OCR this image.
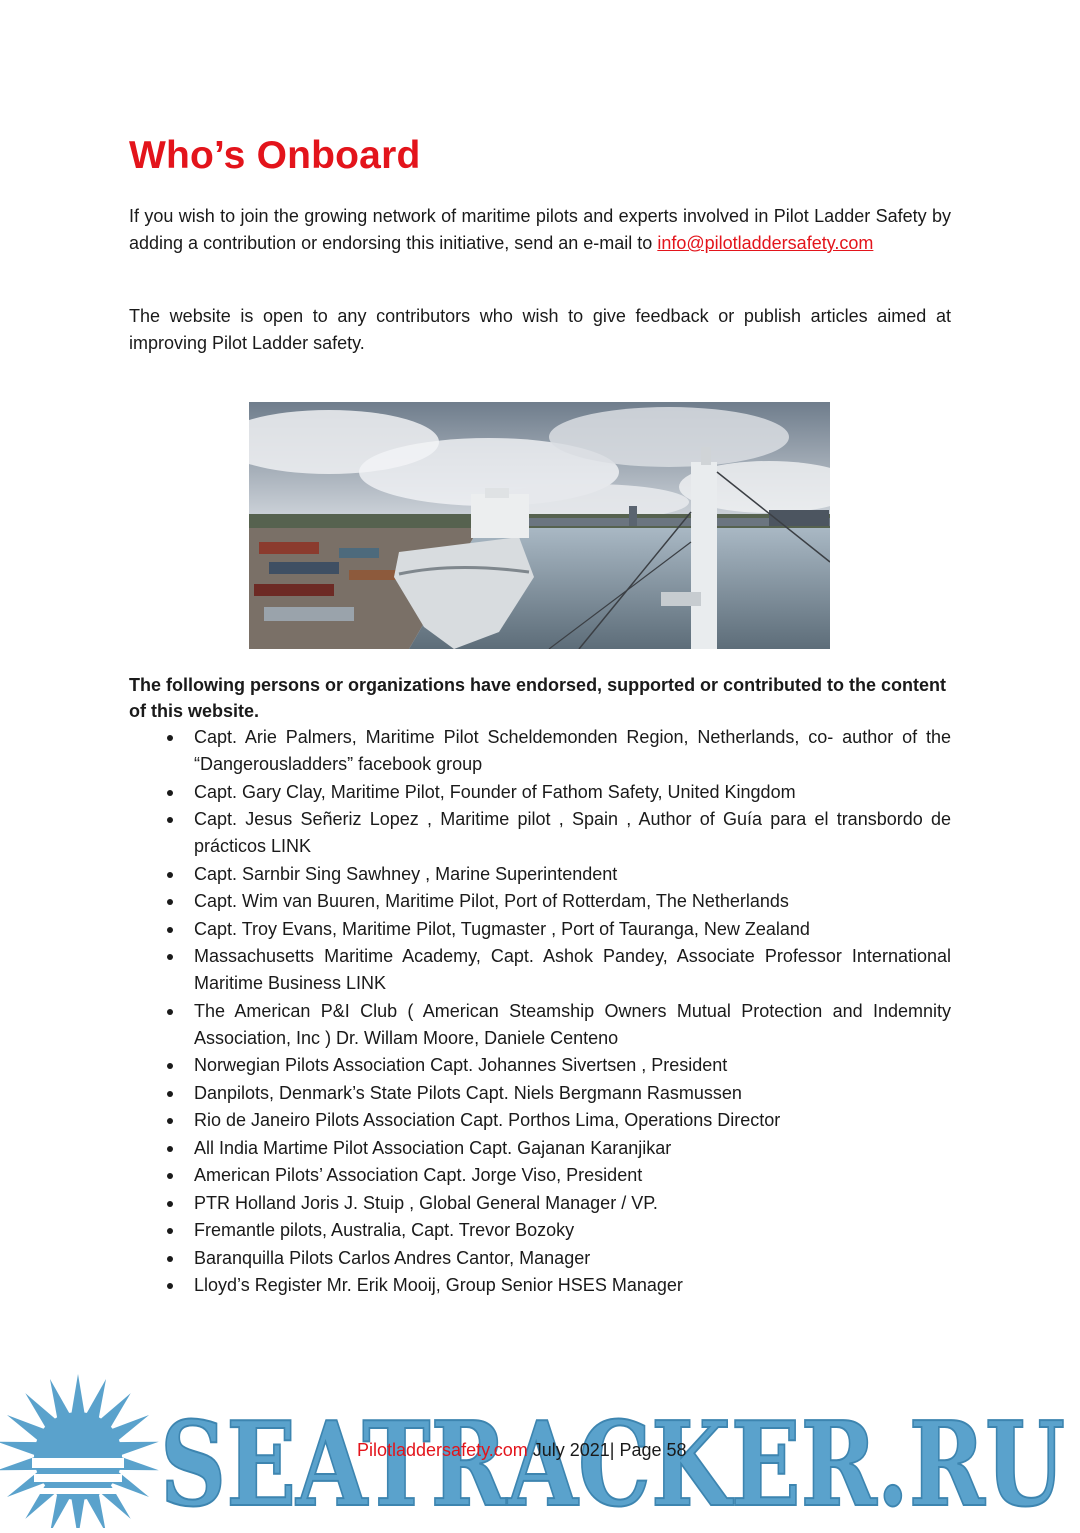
Who’s Onboard

If you wish to join the growing network of maritime pilots and experts involved in Pilot Ladder Safety by adding a contribution or endorsing this initiative, send an e-mail to info@pilotladdersafety.com

The website is open to any contributors who wish to give feedback or publish articles aimed at improving Pilot Ladder safety.

The following persons or organizations have endorsed, supported or contributed to the content of this website.

Capt. Arie Palmers, Maritime Pilot Scheldemonden Region, Netherlands, co- author of the “Dangerousladders” facebook group
Capt. Gary Clay, Maritime Pilot, Founder of Fathom Safety, United Kingdom
Capt. Jesus Señeriz Lopez , Maritime pilot , Spain , Author of Guía para el transbordo de prácticos LINK
Capt. Sarnbir Sing Sawhney , Marine Superintendent
Capt. Wim van Buuren, Maritime Pilot, Port of Rotterdam, The Netherlands
Capt. Troy Evans, Maritime Pilot, Tugmaster , Port of Tauranga, New Zealand
Massachusetts Maritime Academy, Capt. Ashok Pandey, Associate Professor International Maritime Business LINK
The American P&I Club ( American Steamship Owners Mutual Protection and Indemnity Association, Inc ) Dr. Willam Moore, Daniele Centeno
Norwegian Pilots Association Capt. Johannes Sivertsen , President
Danpilots, Denmark’s State Pilots Capt. Niels Bergmann Rasmussen
Rio de Janeiro Pilots Association Capt. Porthos Lima, Operations Director
All India Martime Pilot Association Capt. Gajanan Karanjikar
American Pilots’ Association Capt. Jorge Viso, President
PTR Holland Joris J. Stuip , Global General Manager / VP.
Fremantle pilots, Australia, Capt. Trevor Bozoky
Baranquilla Pilots Carlos Andres Cantor, Manager
Lloyd’s Register Mr. Erik Mooij, Group Senior HSES Manager
SEATRACKER.RU
Pilotladdersafety.com July 2021| Page 58
